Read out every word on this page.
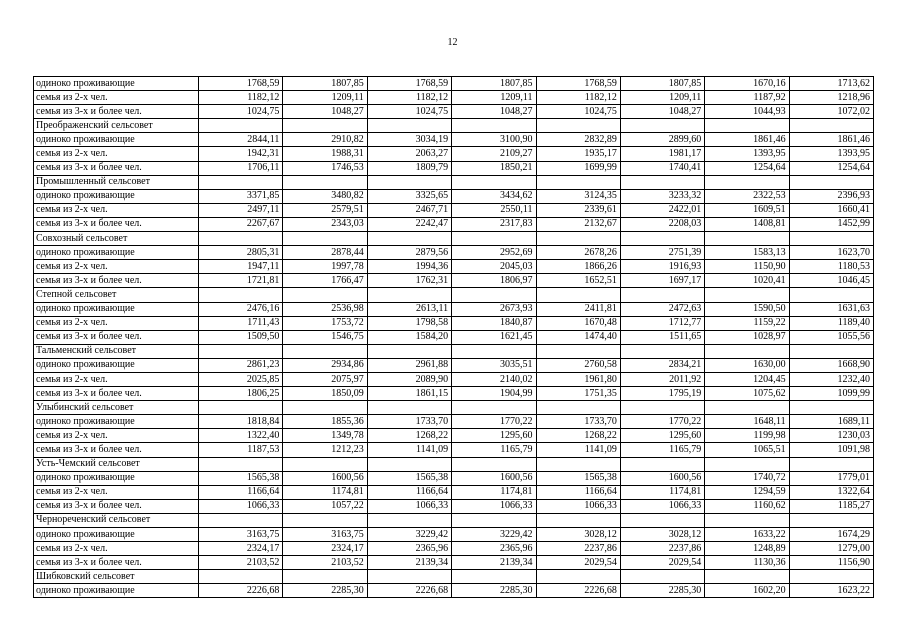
12
одиноко проживающие	1768,59	1807,85	1768,59	1807,85	1768,59	1807,85	1670,16	1713,62
семья из 2-х чел.	1182,12	1209,11	1182,12	1209,11	1182,12	1209,11	1187,92	1218,96
семья из 3-х и более чел.	1024,75	1048,27	1024,75	1048,27	1024,75	1048,27	1044,93	1072,02
Преображенский сельсовет								
одиноко проживающие	2844,11	2910,82	3034,19	3100,90	2832,89	2899,60	1861,46	1861,46
семья из 2-х чел.	1942,31	1988,31	2063,27	2109,27	1935,17	1981,17	1393,95	1393,95
семья из 3-х и более чел.	1706,11	1746,53	1809,79	1850,21	1699,99	1740,41	1254,64	1254,64
Промышленный сельсовет								
одиноко проживающие	3371,85	3480,82	3325,65	3434,62	3124,35	3233,32	2322,53	2396,93
семья из 2-х чел.	2497,11	2579,51	2467,71	2550,11	2339,61	2422,01	1609,51	1660,41
семья из 3-х и более чел.	2267,67	2343,03	2242,47	2317,83	2132,67	2208,03	1408,81	1452,99
Совхозный сельсовет								
одиноко проживающие	2805,31	2878,44	2879,56	2952,69	2678,26	2751,39	1583,13	1623,70
семья из 2-х чел.	1947,11	1997,78	1994,36	2045,03	1866,26	1916,93	1150,90	1180,53
семья из 3-х и более чел.	1721,81	1766,47	1762,31	1806,97	1652,51	1697,17	1020,41	1046,45
Степной сельсовет								
одиноко проживающие	2476,16	2536,98	2613,11	2673,93	2411,81	2472,63	1590,50	1631,63
семья из 2-х чел.	1711,43	1753,72	1798,58	1840,87	1670,48	1712,77	1159,22	1189,40
семья из 3-х и более чел.	1509,50	1546,75	1584,20	1621,45	1474,40	1511,65	1028,97	1055,56
Тальменский сельсовет								
одиноко проживающие	2861,23	2934,86	2961,88	3035,51	2760,58	2834,21	1630,00	1668,90
семья из 2-х чел.	2025,85	2075,97	2089,90	2140,02	1961,80	2011,92	1204,45	1232,40
семья из 3-х и более чел.	1806,25	1850,09	1861,15	1904,99	1751,35	1795,19	1075,62	1099,99
Улыбинский сельсовет								
одиноко проживающие	1818,84	1855,36	1733,70	1770,22	1733,70	1770,22	1648,11	1689,11
семья из 2-х чел.	1322,40	1349,78	1268,22	1295,60	1268,22	1295,60	1199,98	1230,03
семья из 3-х и более чел.	1187,53	1212,23	1141,09	1165,79	1141,09	1165,79	1065,51	1091,98
Усть-Чемский сельсовет								
одиноко проживающие	1565,38	1600,56	1565,38	1600,56	1565,38	1600,56	1740,72	1779,01
семья из 2-х чел.	1166,64	1174,81	1166,64	1174,81	1166,64	1174,81	1294,59	1322,64
семья из 3-х и более чел.	1066,33	1057,22	1066,33	1066,33	1066,33	1066,33	1160,62	1185,27
Чернореченский сельсовет								
одиноко проживающие	3163,75	3163,75	3229,42	3229,42	3028,12	3028,12	1633,22	1674,29
семья из 2-х чел.	2324,17	2324,17	2365,96	2365,96	2237,86	2237,86	1248,89	1279,00
семья из 3-х и более чел.	2103,52	2103,52	2139,34	2139,34	2029,54	2029,54	1130,36	1156,90
Шибковский сельсовет								
одиноко проживающие	2226,68	2285,30	2226,68	2285,30	2226,68	2285,30	1602,20	1623,22
